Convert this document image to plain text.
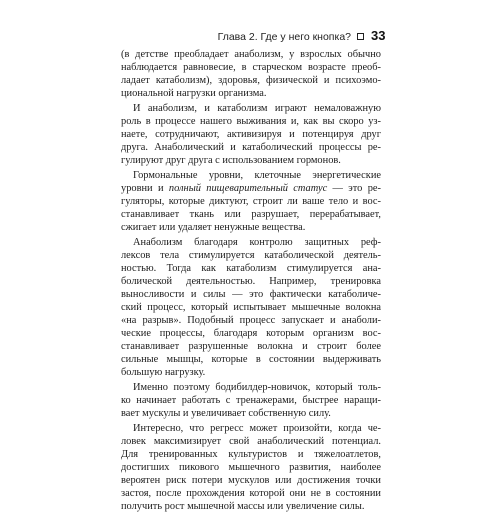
Глава 2. Где у него кнопка? 33
(в детстве преобладает анаболизм, у взрослых обычно
наблюдается равновесие, в старческом возрасте преоб-
ладает катаболизм), здоровья, физической и психоэмо-
циональной нагрузки организма.
И анаболизм, и катаболизм играют немаловажную
роль в процессе нашего выживания и, как вы скоро уз-
наете, сотрудничают, активизируя и потенцируя друг
друга. Анаболический и катаболический процессы ре-
гулируют друг друга с использованием гормонов.
Гормональные уровни, клеточные энергетические
уровни и полный пищеварительный статус — это ре-
гуляторы, которые диктуют, строит ли ваше тело и вос-
станавливает ткань или разрушает, перерабатывает,
сжигает или удаляет ненужные вещества.
Анаболизм благодаря контролю защитных реф-
лексов тела стимулируется катаболической деятель-
ностью. Тогда как катаболизм стимулируется ана-
болической деятельностью. Например, тренировка
выносливости и силы — это фактически катаболиче-
ский процесс, который испытывает мышечные волокна
«на разрыв». Подобный процесс запускает и анаболи-
ческие процессы, благодаря которым организм вос-
станавливает разрушенные волокна и строит более
сильные мышцы, которые в состоянии выдерживать
большую нагрузку.
Именно поэтому бодибилдер-новичок, который толь-
ко начинает работать с тренажерами, быстрее наращи-
вает мускулы и увеличивает собственную силу.
Интересно, что регресс может произойти, когда че-
ловек максимизирует свой анаболический потенциал.
Для тренированных культуристов и тяжелоатлетов,
достигших пикового мышечного развития, наиболее
вероятен риск потери мускулов или достижения точки
застоя, после прохождения которой они не в состоянии
получить рост мышечной массы или увеличение силы.
